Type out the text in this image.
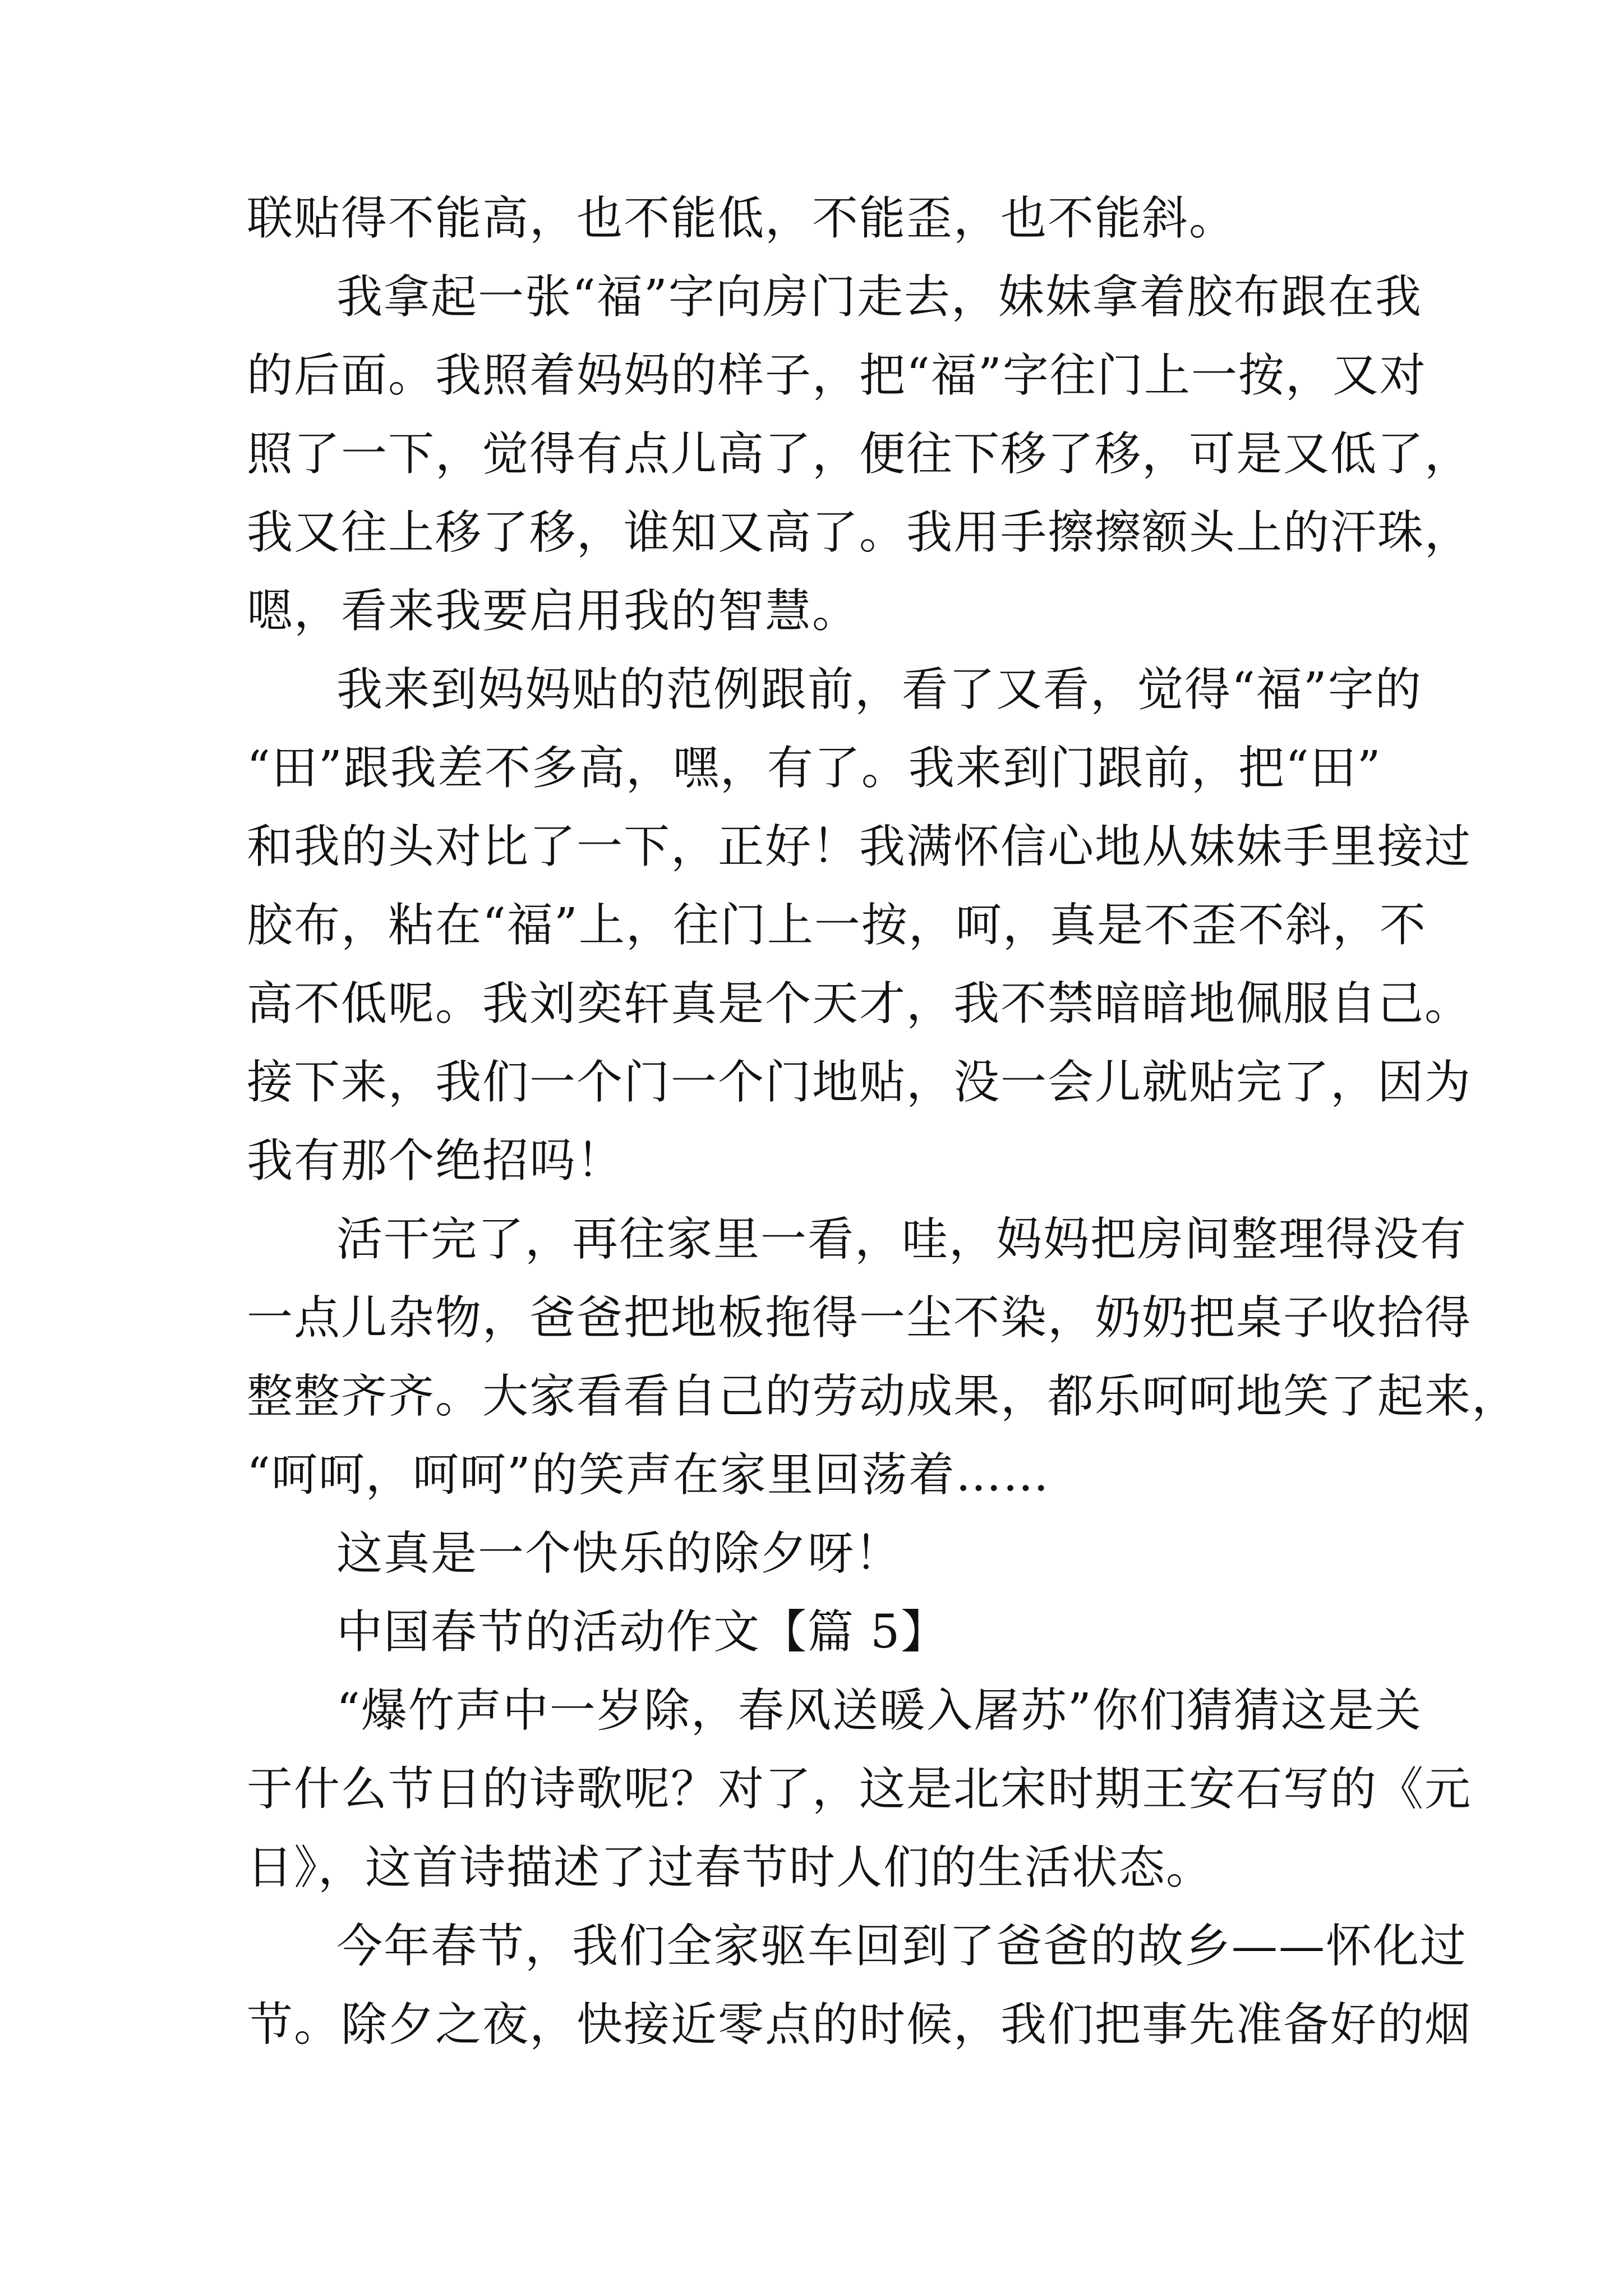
联贴得不能高，也不能低，不能歪，也不能斜。
我拿起一张“福”字向房门走去，妹妹拿着胶布跟在我
的后面。我照着妈妈的样子，把“福”字往门上一按，又对
照了一下，觉得有点儿高了，便往下移了移，可是又低了，
我又往上移了移，谁知又高了。我用手擦擦额头上的汗珠，
嗯，看来我要启用我的智慧。
我来到妈妈贴的范例跟前，看了又看，觉得“福”字的
“田”跟我差不多高，嘿，有了。我来到门跟前，把“田”
和我的头对比了一下，正好！我满怀信心地从妹妹手里接过
胶布，粘在“福”上，往门上一按，呵，真是不歪不斜，不
高不低呢。我刘奕轩真是个天才，我不禁暗暗地佩服自己。
接下来，我们一个门一个门地贴，没一会儿就贴完了，因为
我有那个绝招吗！
活干完了，再往家里一看，哇，妈妈把房间整理得没有
一点儿杂物，爸爸把地板拖得一尘不染，奶奶把桌子收拾得
整整齐齐。大家看看自己的劳动成果，都乐呵呵地笑了起来，
“呵呵，呵呵”的笑声在家里回荡着……
这真是一个快乐的除夕呀！
中国春节的活动作文【篇 5】
“爆竹声中一岁除，春风送暖入屠苏”你们猜猜这是关
于什么节日的诗歌呢？对了，这是北宋时期王安石写的《元
日》，这首诗描述了过春节时人们的生活状态。
今年春节，我们全家驱车回到了爸爸的故乡——怀化过
节。除夕之夜，快接近零点的时候，我们把事先准备好的烟
